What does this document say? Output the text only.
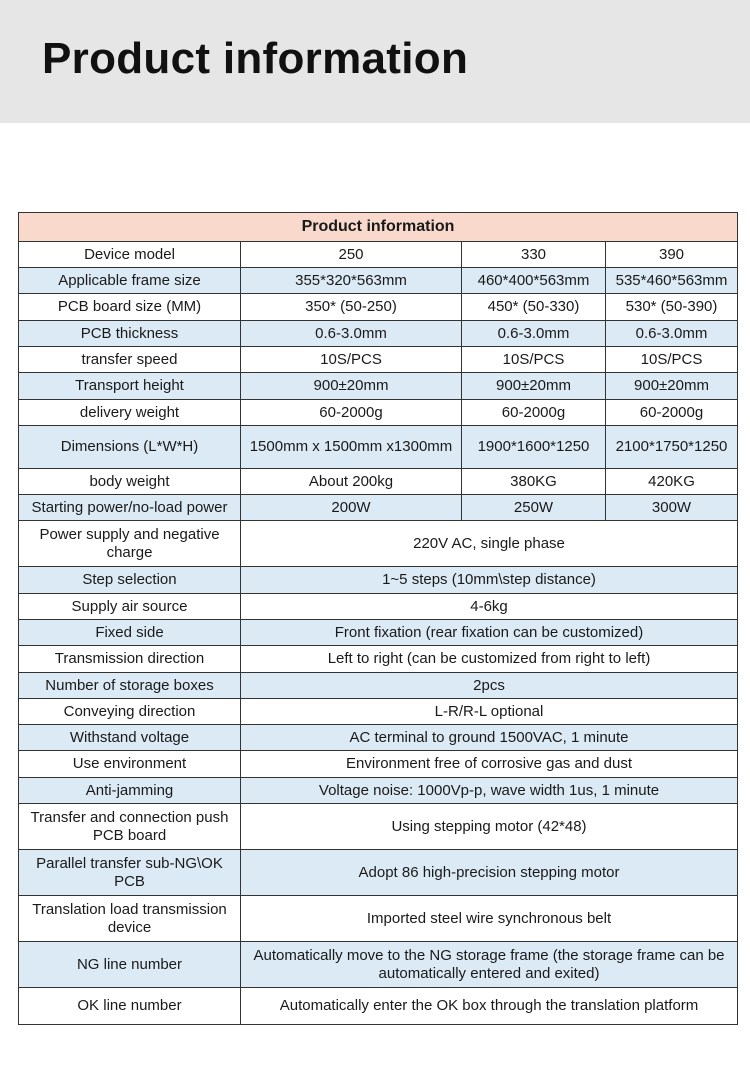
Product information
Product information			
Device model	250	330	390
Applicable frame size	355*320*563mm	460*400*563mm	535*460*563mm
PCB board size (MM)	350* (50-250)	450* (50-330)	530* (50-390)
PCB thickness	0.6-3.0mm	0.6-3.0mm	0.6-3.0mm
transfer speed	10S/PCS	10S/PCS	10S/PCS
Transport height	900±20mm	900±20mm	900±20mm
delivery weight	60-2000g	60-2000g	60-2000g
Dimensions (L*W*H)	1500mm x 1500mm x1300mm	1900*1600*1250	2100*1750*1250
body weight	About 200kg	380KG	420KG
Starting power/no-load power	200W	250W	300W
Power supply and negative charge	220V AC, single phase		
Step selection	1~5 steps (10mm\step distance)		
Supply air source	4-6kg		
Fixed side	Front fixation (rear fixation can be customized)		
Transmission direction	Left to right (can be customized from right to left)		
Number of storage boxes	2pcs		
Conveying direction	L-R/R-L optional		
Withstand voltage	AC terminal to ground 1500VAC, 1 minute		
Use environment	Environment free of corrosive gas and dust		
Anti-jamming	Voltage noise: 1000Vp-p, wave width 1us, 1 minute		
Transfer and connection push PCB board	Using stepping motor (42*48)		
Parallel transfer sub-NG\OK PCB	Adopt 86 high-precision stepping motor		
Translation load transmission device	Imported steel wire synchronous belt		
NG line number	Automatically move to the NG storage frame (the storage frame can be automatically entered and exited)		
OK line number	Automatically enter the OK box through the translation platform		
